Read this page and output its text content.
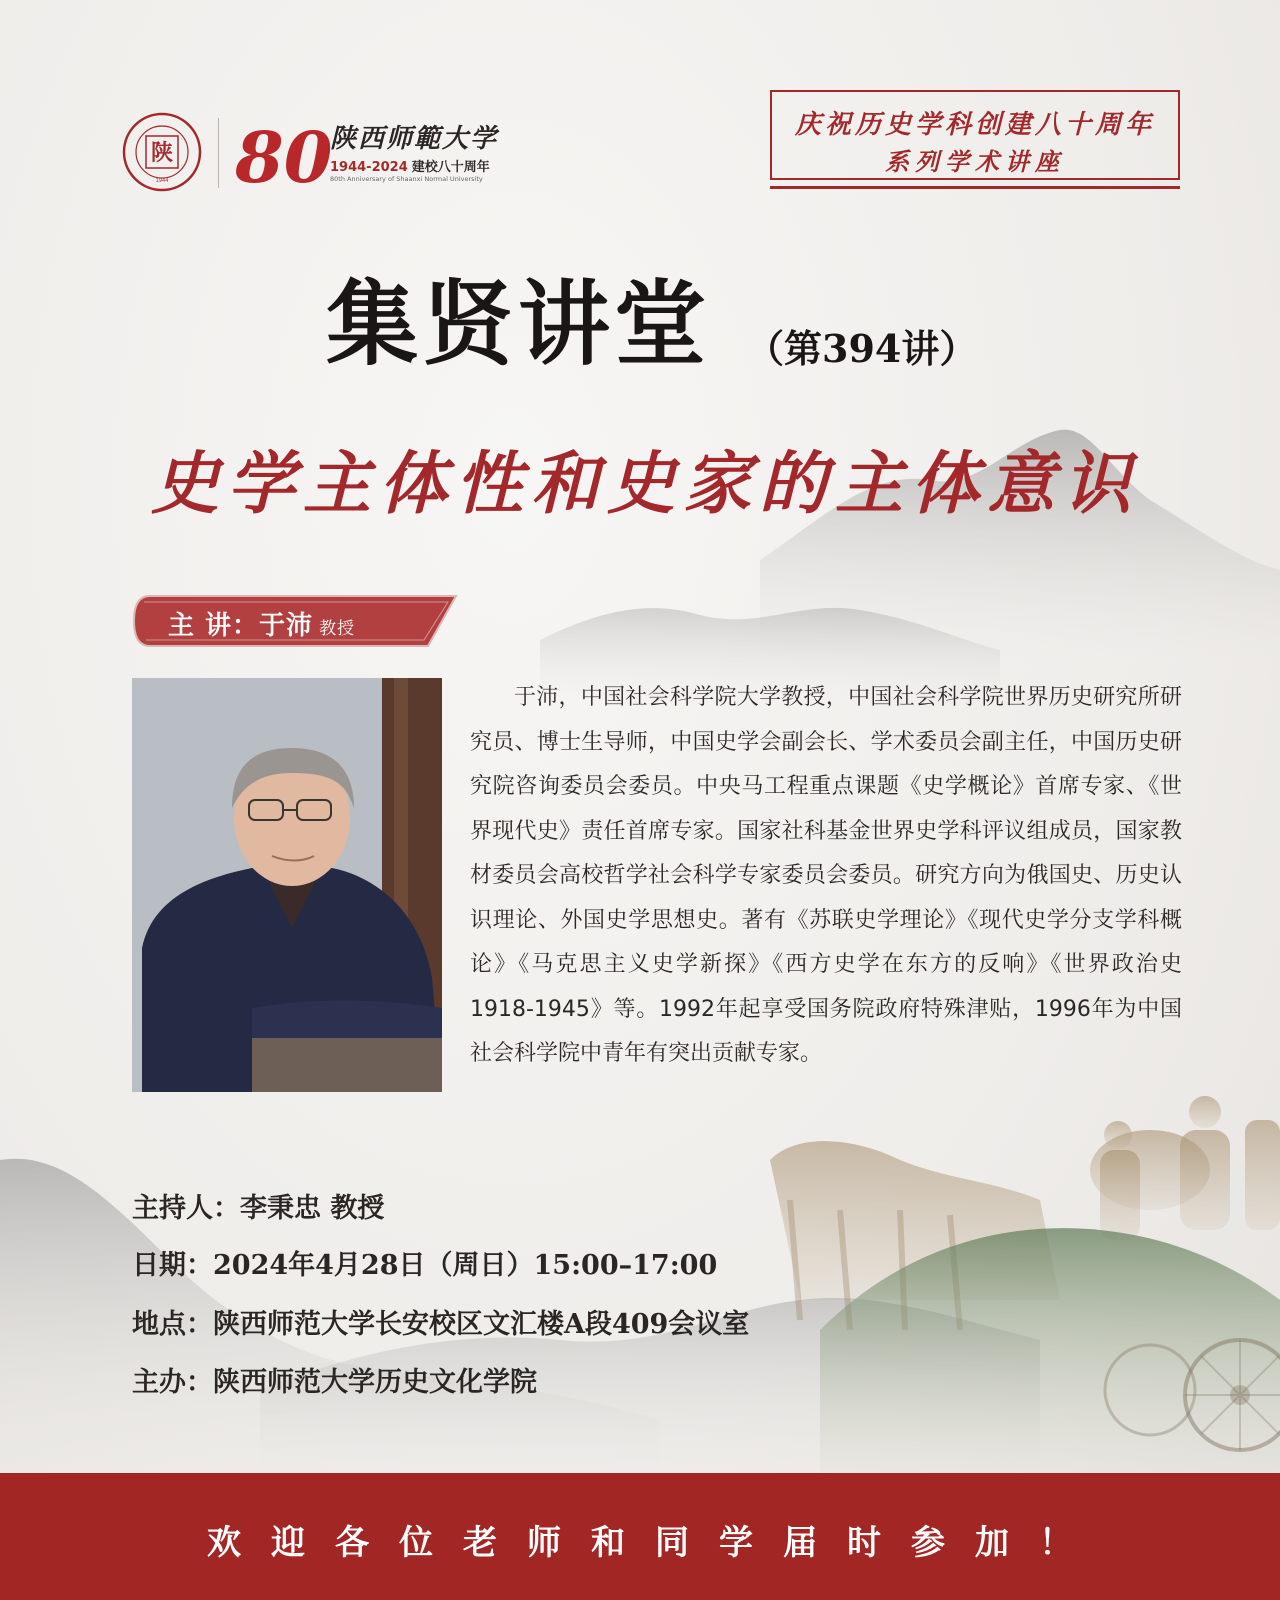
陕
1944 80
陕西师範大学
1944-2024 建校八十周年
80th Anniversary of Shaanxi Normal University
庆祝历史学科创建八十周年
系列学术讲座
集贤讲堂 （第394讲）
史学主体性和史家的主体意识
主 讲：于沛 教授
于沛，中国社会科学院大学教授，中国社会科学院世界历史研究所研究员、博士生导师，中国史学会副会长、学术委员会副主任，中国历史研究院咨询委员会委员。中央马工程重点课题《史学概论》首席专家、《世界现代史》责任首席专家。国家社科基金世界史学科评议组成员，国家教材委员会高校哲学社会科学专家委员会委员。研究方向为俄国史、历史认识理论、外国史学思想史。著有《苏联史学理论》《现代史学分支学科概论》《马克思主义史学新探》《西方史学在东方的反响》《世界政治史1918-1945》等。1992年起享受国务院政府特殊津贴，1996年为中国社会科学院中青年有突出贡献专家。
主持人：李秉忠 教授
日期：2024年4月28日（周日）15:00–17:00
地点：陕西师范大学长安校区文汇楼A段409会议室
主办：陕西师范大学历史文化学院
欢迎各位老师和同学届时参加！
